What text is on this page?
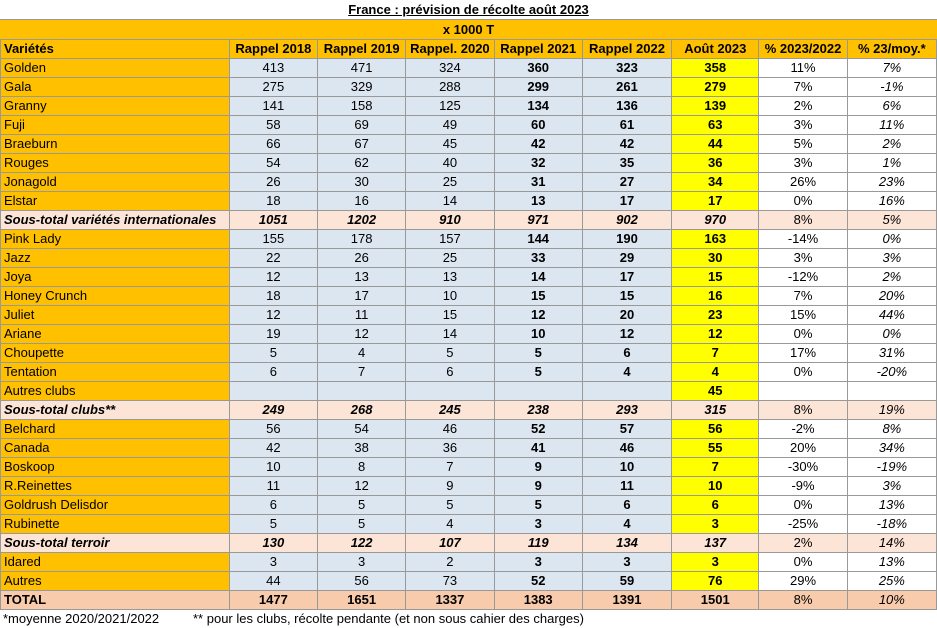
France : prévision de récolte août 2023
x 1000 T
Variétés	Rappel 2018	Rappel 2019	Rappel. 2020	Rappel 2021	Rappel 2022	Août 2023	% 2023/2022	% 23/moy.*
Golden	413	471	324	360	323	358	11%	7%
Gala	275	329	288	299	261	279	7%	-1%
Granny	141	158	125	134	136	139	2%	6%
Fuji	58	69	49	60	61	63	3%	11%
Braeburn	66	67	45	42	42	44	5%	2%
Rouges	54	62	40	32	35	36	3%	1%
Jonagold	26	30	25	31	27	34	26%	23%
Elstar	18	16	14	13	17	17	0%	16%
Sous-total variétés internationales	1051	1202	910	971	902	970	8%	5%
Pink Lady	155	178	157	144	190	163	-14%	0%
Jazz	22	26	25	33	29	30	3%	3%
Joya	12	13	13	14	17	15	-12%	2%
Honey Crunch	18	17	10	15	15	16	7%	20%
Juliet	12	11	15	12	20	23	15%	44%
Ariane	19	12	14	10	12	12	0%	0%
Choupette	5	4	5	5	6	7	17%	31%
Tentation	6	7	6	5	4	4	0%	-20%
Autres clubs						45		
Sous-total clubs**	249	268	245	238	293	315	8%	19%
Belchard	56	54	46	52	57	56	-2%	8%
Canada	42	38	36	41	46	55	20%	34%
Boskoop	10	8	7	9	10	7	-30%	-19%
R.Reinettes	11	12	9	9	11	10	-9%	3%
Goldrush Delisdor	6	5	5	5	6	6	0%	13%
Rubinette	5	5	4	3	4	3	-25%	-18%
Sous-total terroir	130	122	107	119	134	137	2%	14%
Idared	3	3	2	3	3	3	0%	13%
Autres	44	56	73	52	59	76	29%	25%
TOTAL	1477	1651	1337	1383	1391	1501	8%	10%
*moyenne 2020/2021/2022	** pour les clubs, récolte pendante (et non sous cahier des charges)
